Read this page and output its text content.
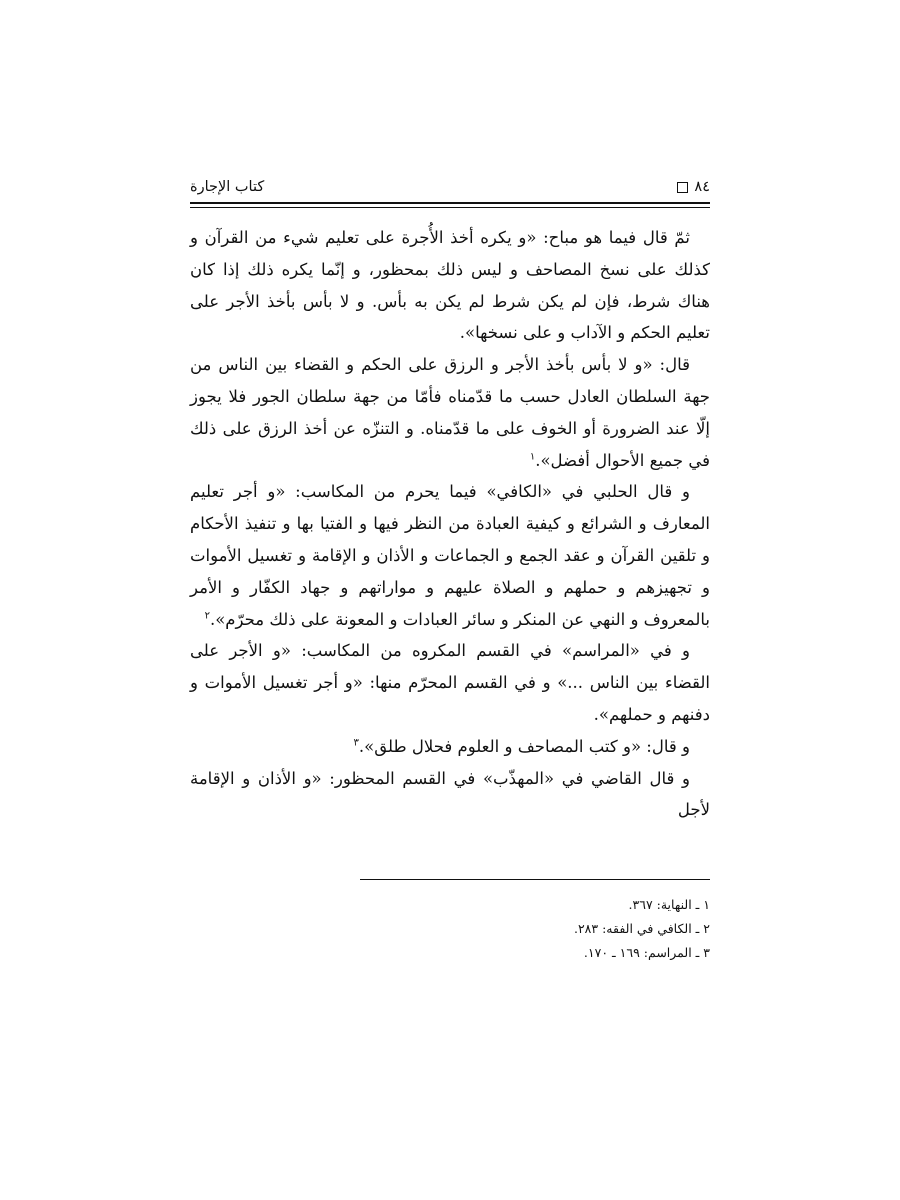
٨٤
كتاب الإجارة

ثمّ قال فيما هو مباح: «و يكره أخذ الأُجرة على تعليم شيء من القرآن و كذلك على نسخ المصاحف و ليس ذلك بمحظور، و إنّما يكره ذلك إذا كان هناك شرط، فإن لم يكن شرط لم يكن به بأس. و لا بأس بأخذ الأجر على تعليم الحكم و الآداب و على نسخها».

قال: «و لا بأس بأخذ الأجر و الرزق على الحكم و القضاء بين الناس من جهة السلطان العادل حسب ما قدّمناه فأمّا من جهة سلطان الجور فلا يجوز إلّا عند الضرورة أو الخوف على ما قدّمناه. و التنزّه عن أخذ الرزق على ذلك في جميع الأحوال أفضل».$^١$

و قال الحلبي في «الكافي» فيما يحرم من المكاسب: «و أجر تعليم المعارف و الشرائع و كيفية العبادة من النظر فيها و الفتيا بها و تنفيذ الأحكام و تلقين القرآن و عقد الجمع و الجماعات و الأذان و الإقامة و تغسيل الأموات و تجهيزهم و حملهم و الصلاة عليهم و مواراتهم و جهاد الكفّار و الأمر بالمعروف و النهي عن المنكر و سائر العبادات و المعونة على ذلك محرّم».$^٢$

و في «المراسم» في القسم المكروه من المكاسب: «و الأجر على القضاء بين الناس ...» و في القسم المحرّم منها: «و أجر تغسيل الأموات و دفنهم و حملهم».

و قال: «و كتب المصاحف و العلوم فحلال طلق».$^٣$

و قال القاضي في «المهذّب» في القسم المحظور: «و الأذان و الإقامة لأجل

١ ـ النهاية: ٣٦٧.
٢ ـ الكافي في الفقه: ٢٨٣.
٣ ـ المراسم: ١٦٩ ـ ١٧٠.
